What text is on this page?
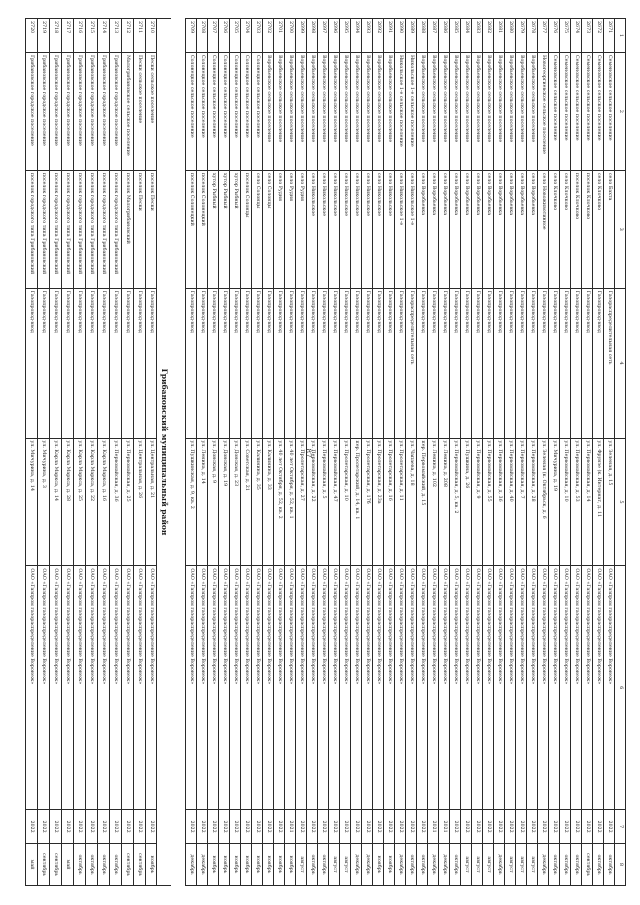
87
1
2
3
4
5
6
7
8
2671
Семеновское сельское поселение
село Бахта
Газораспределительная сеть
ул. Зеленая, д. 15
ОАО «Газпром газораспределение Воронеж»
2022
октябрь
2672
Семеновское сельское поселение
село Клочково
Газопровод-ввод
ул. Фрунзе (к. Интернат, д. 11
ОАО «Газпром газораспределение Воронеж»
2022
октябрь
2673
Семеновское сельское поселение
поселок Клочково
Газопровод-ввод
ул. Первомайская, д. 14
ОАО «Газпром газораспределение Воронеж»
2022
сентябрь
2674
Семеновское сельское поселение
поселок Клочково
Газопровод-ввод
ул. Первомайская, д. 53
ОАО «Газпром газораспределение Воронеж»
2022
октябрь
2675
Семеновское сельское поселение
село Клочково
Газопровод-ввод
ул. Первомайская, д. 10
ОАО «Газпром газораспределение Воронеж»
2022
октябрь
2676
Семеновское сельское поселение
село Клочково
Газопровод-ввод
ул. Мичурина, д. 19
ОАО «Газпром газораспределение Воронеж»
2022
октябрь
2677
Новогеоргиевское сельское поселение
село Новоживотинное
Газопровод-ввод
ул. Зеленая (к. Октябрьск, д. 6
ОАО «Газпром газораспределение Воронеж»
2022
декабрь
2678
Воробьевское сельское поселение
село Воробьевка
Газопровод-ввод
ул. Первомайская, д. 28
ОАО «Газпром газораспределение Воронеж»
2022
август
2679
Воробьевское сельское поселение
село Воробьевка
Газопровод-ввод
ул. Первомайская, д. 7
ОАО «Газпром газораспределение Воронеж»
2022
август
2680
Воробьевское сельское поселение
село Воробьевка
Газопровод-ввод
ул. Первомайская, д. 40
ОАО «Газпром газораспределение Воронеж»
2022
август
2681
Воробьевское сельское поселение
село Воробьевка
Газопровод-ввод
ул. Первомайская, д. 36
ОАО «Газпром газораспределение Воронеж»
2022
декабрь
2682
Воробьевское сельское поселение
село Воробьевка
Газопровод-ввод
ул. Первомайская, д. 55
ОАО «Газпром газораспределение Воронеж»
2022
август
2683
Воробьевское сельское поселение
село Воробьевка
Газопровод-ввод
ул. Первомайская, д. 9
ОАО «Газпром газораспределение Воронеж»
2022
август
2684
Воробьевское сельское поселение
село Воробьевка
Газопровод-ввод
ул. Пушкина, д. 26
ОАО «Газпром газораспределение Воронеж»
2022
август
2685
Воробьевское сельское поселение
село Воробьевка
Газопровод-ввод
ул. Первомайская, д. 5, кв. 2
ОАО «Газпром газораспределение Воронеж»
2022
октябрь
2686
Воробьевское сельское поселение
село Воробьевка
Газопровод-ввод
ул. Ленина, д. 208
ОАО «Газпром газораспределение Воронеж»
2021
декабрь
2687
Воробьевское сельское поселение
село Воробьевка
Газопровод-ввод
ул. Ленина, д. 102
ОАО «Газпром газораспределение Воронеж»
2021
декабрь
2688
Воробьевское сельское поселение
село Воробьевка
Газопровод-ввод
пер. Первомайский, д. 15
ОАО «Газпром газораспределение Воронеж»
2022
октябрь
2689
Никольское 1-е сельское поселение
село Никольское 1-е
Газораспределительная сеть
ул. Чапаева, д. 18
ОАО «Газпром газораспределение Воронеж»
2022
октябрь
2690
Никольское 1-е сельское поселение
село Никольское 1-е
Газопровод-ввод
ул. Пролетарская, д. 11
ОАО «Газпром газораспределение Воронеж»
2022
декабрь
2691
Воробьевское сельское поселение
село Никольское
Газопровод-ввод
ул. Пролетарская, д. 16
ОАО «Газпром газораспределение Воронеж»
2022
ноябрь
2692
Воробьевское сельское поселение
село Никольское
Газопровод-ввод
ул. Пролетарская, д. 23а
ОАО «Газпром газораспределение Воронеж»
2022
ноябрь
2693
Воробьевское сельское поселение
село Никольское
Газопровод-ввод
ул. Пролетарская, д. 17б
ОАО «Газпром газораспределение Воронеж»
2022
декабрь
2694
Воробьевское сельское поселение
село Никольское
Газопровод-ввод
пер. Пролетарский, д. 14, кв. 1
ОАО «Газпром газораспределение Воронеж»
2022
декабрь
2695
Воробьевское сельское поселение
село Никольское
Газопровод-ввод
ул. Пролетарская, д. 10
ОАО «Газпром газораспределение Воронеж»
2022
август
2696
Воробьевское сельское поселение
село Никольское
Газопровод-ввод
ул. Первомайская, д. 47
ОАО «Газпром газораспределение Воронеж»
2022
август
2697
Воробьевское сельское поселение
село Никольское
Газопровод-ввод
ул. Первомайская, д. 5
ОАО «Газпром газораспределение Воронеж»
2022
октябрь
2698
Воробьевское сельское поселение
село Никольское
Газопровод-ввод
ул. Первомайская, д. 22
ОАО «Газпром газораспределение Воронеж»
2022
октябрь
2699
Воробьевское сельское поселение
село Рудня
Газопровод-ввод
ул. Пролетарская, д. 27
ОАО «Газпром газораспределение Воронеж»
2022
август
2700
Воробьевское сельское поселение
село Рудня
Газопровод-ввод
ул. 40 лет Октября, д. 52, кв. 1
ОАО «Газпром газораспределение Воронеж»
2021
ноябрь
2701
Воробьевское сельское поселение
село Рудня
Газопровод-ввод
ул. 40 лет Октября, д. 52, кв. 2
ОАО «Газпром газораспределение Воронеж»
2022
ноябрь
2702
Воробьевское сельское поселение
село Солонцы
Газопровод-ввод
ул. Калинина, д. 33
ОАО «Газпром газораспределение Воронеж»
2022
ноябрь
2703
Солонецкое сельское поселение
село Солонцы
Газопровод-ввод
ул. Калинина, д. 35
ОАО «Газпром газораспределение Воронеж»
2022
ноябрь
2704
Солонецкое сельское поселение
поселок Солонцы
Газопровод-ввод
ул. Советская, д. 21
ОАО «Газпром газораспределение Воронеж»
2022
ноябрь
2705
Солонецкое сельское поселение
хутор Рыбный
Газопровод-ввод
ул. Донская, д. 23
ОАО «Газпром газораспределение Воронеж»
2022
ноябрь
2706
Солонецкое сельское поселение
хутор Рыбный
Газопровод-ввод
ул. Донская, д. 19
ОАО «Газпром газораспределение Воронеж»
2022
ноябрь
2707
Солонецкое сельское поселение
хутор Рыбный
Газопровод-ввод
ул. Донская, д. 9
ОАО «Газпром газораспределение Воронеж»
2022
ноябрь
2708
Солонецкое сельское поселение
поселок Солонецкий
Газопровод-ввод
ул. Ленина, д. 14
ОАО «Газпром газораспределение Воронеж»
2022
декабрь
2709
Солонецкое сельское поселение
поселок Солонецкий
Газопровод-ввод
ул. Пушкинская, д. 9, кв. 2
ОАО «Газпром газораспределение Воронеж»
2022
декабрь
Грибановский муниципальный район
2710
Пески сельское поселение
поселок Пески
Газопровод-ввод
ул. Центральная, д. 21
ОАО «Газпром газораспределение Воронеж»
2022
ноябрь
2711
Пески сельское поселение
поселок Пески
Газопровод-ввод
ул. Центральная, д. 26
ОАО «Газпром газораспределение Воронеж»
2022
сентябрь
2712
Малогрибановское сельское поселение
поселок Малогрибановский
Газопровод-ввод
ул. Первомайская, д. 25
ОАО «Газпром газораспределение Воронеж»
2022
сентябрь
2713
Грибановское городское поселение
поселок городского типа Грибановский
Газопровод-ввод
ул. Первомайская, д. 36
ОАО «Газпром газораспределение Воронеж»
2022
октябрь
2714
Грибановское городское поселение
поселок городского типа Грибановский
Газопровод-ввод
ул. Карла Маркса, д. 16
ОАО «Газпром газораспределение Воронеж»
2022
октябрь
2715
Грибановское городское поселение
поселок городского типа Грибановский
Газопровод-ввод
ул. Карла Маркса, д. 22
ОАО «Газпром газораспределение Воронеж»
2022
октябрь
2716
Грибановское городское поселение
поселок городского типа Грибановский
Газопровод-ввод
ул. Карла Маркса, д. 25
ОАО «Газпром газораспределение Воронеж»
2022
октябрь
2717
Грибановское городское поселение
поселок городского типа Грибановский
Газопровод-ввод
ул. Карла Маркса, д. 28
ОАО «Газпром газораспределение Воронеж»
2022
май
2718
Грибановское городское поселение
поселок городского типа Грибановский
Газопровод-ввод
ул. Карла Маркса, д. 14
ОАО «Газпром газораспределение Воронеж»
2022
сентябрь
2719
Грибановское городское поселение
поселок городского типа Грибановский
Газопровод-ввод
ул. Мичурина, д. 3
ОАО «Газпром газораспределение Воронеж»
2022
сентябрь
2720
Грибановское городское поселение
поселок городского типа Грибановский
Газопровод-ввод
ул. Мичурина, д. 14
ОАО «Газпром газораспределение Воронеж»
2022
май
